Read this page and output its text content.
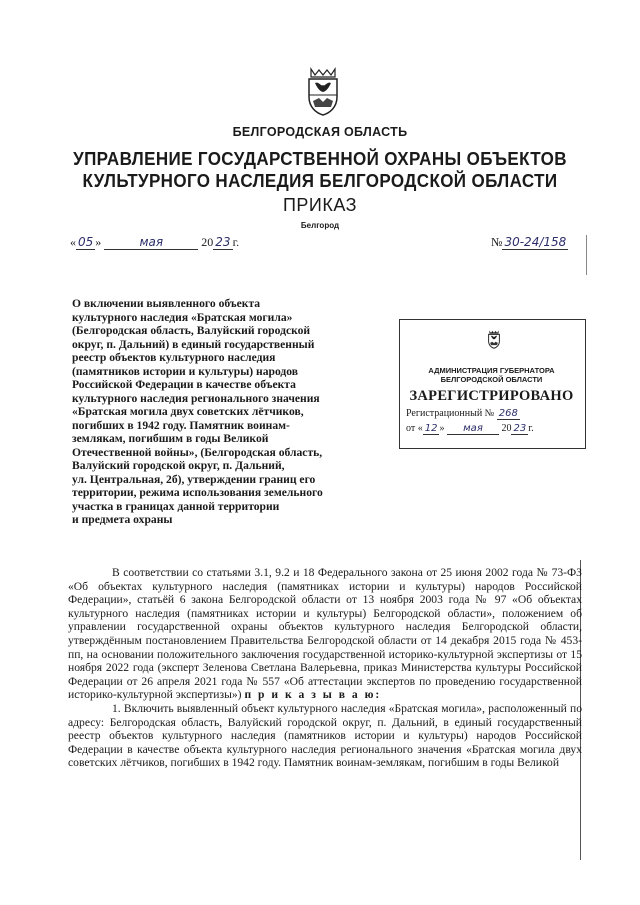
БЕЛГОРОДСКАЯ ОБЛАСТЬ
УПРАВЛЕНИЕ ГОСУДАРСТВЕННОЙ ОХРАНЫ ОБЪЕКТОВ
КУЛЬТУРНОГО НАСЛЕДИЯ БЕЛГОРОДСКОЙ ОБЛАСТИ
ПРИКАЗ
Белгород
« 05 »	мая	20 23 г.	№ 30-24/158

О включении выявленного объекта

культурного наследия «Братская могила»

(Белгородская область, Валуйский городской

округ, п. Дальний) в единый государственный

реестр объектов культурного наследия

(памятников истории и культуры) народов

Российской Федерации в качестве объекта

культурного наследия регионального значения

«Братская могила двух советских лётчиков,

погибших в 1942 году. Памятник воинам-

землякам, погибшим в годы Великой

Отечественной войны», (Белгородская область,

Валуйский городской округ, п. Дальний,

ул. Центральная, 2б), утверждении границ его

территории, режима использования земельного

участка в границах данной территории

и предмета охраны

АДМИНИСТРАЦИЯ ГУБЕРНАТОРА
БЕЛГОРОДСКОЙ ОБЛАСТИ
ЗАРЕГИСТРИРОВАНО
Регистрационный № 268
от « 12 » мая 20 23 г.

В соответствии со статьями 3.1, 9.2 и 18 Федерального закона от 25 июня 2002 года № 73-ФЗ «Об объектах культурного наследия (памятниках истории и культуры) народов Российской Федерации», статьёй 6 закона Белгородской области от 13 ноября 2003 года № 97 «Об объектах культурного наследия (памятниках истории и культуры) Белгородской области», положением об управлении государственной охраны объектов культурного наследия Белгородской области, утверждённым постановлением Правительства Белгородской области от 14 декабря 2015 года № 453-пп, на основании положительного заключения государственной историко-культурной экспертизы от 15 ноября 2022 года (эксперт Зеленова Светлана Валерьевна, приказ Министерства культуры Российской Федерации от 26 апреля 2021 года № 557 «Об аттестации экспертов по проведению государственной историко-культурной экспертизы») п р и к а з ы в а ю:

1. Включить выявленный объект культурного наследия «Братская могила», расположенный по адресу: Белгородская область, Валуйский городской округ, п. Дальний, в единый государственный реестр объектов культурного наследия (памятников истории и культуры) народов Российской Федерации в качестве объекта культурного наследия регионального значения «Братская могила двух советских лётчиков, погибших в 1942 году. Памятник воинам-землякам, погибшим в годы Великой
